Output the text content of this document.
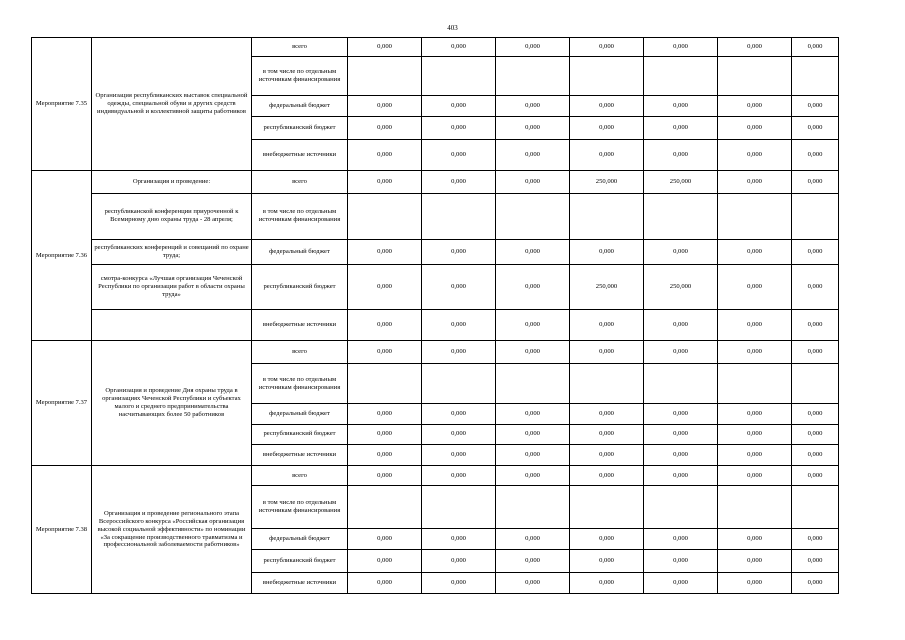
403
Мероприятие 7.35	Организация республиканских выставок специальной одежды, специальной обуви и других средств индивидуальной и коллективной защиты работников	всего	0,000	0,000	0,000	0,000	0,000	0,000	0,000
		в том числе по отдельным источникам финансирования							
		федеральный бюджет	0,000	0,000	0,000	0,000	0,000	0,000	0,000
		республиканский бюджет	0,000	0,000	0,000	0,000	0,000	0,000	0,000
		внебюджетные источники	0,000	0,000	0,000	0,000	0,000	0,000	0,000
Мероприятие 7.36	Организация и проведение:	всего	0,000	0,000	0,000	250,000	250,000	0,000	0,000
	республиканской конференции приуроченной к Всемирному дню охраны труда - 28 апреля;	в том числе по отдельным источникам финансирования							
	республиканских конференций и совещаний по охране труда;	федеральный бюджет	0,000	0,000	0,000	0,000	0,000	0,000	0,000
	смотра-конкурса «Лучшая организация Чеченской Республики по организации работ в области охраны труда»	республиканский бюджет	0,000	0,000	0,000	250,000	250,000	0,000	0,000
		внебюджетные источники	0,000	0,000	0,000	0,000	0,000	0,000	0,000
Мероприятие 7.37	Организация и проведение Дня охраны труда в организациях Чеченской Республики и субъектах малого и среднего предпринимательства насчитывающих более 50 работников	всего	0,000	0,000	0,000	0,000	0,000	0,000	0,000
		в том числе по отдельным источникам финансирования							
		федеральный бюджет	0,000	0,000	0,000	0,000	0,000	0,000	0,000
		республиканский бюджет	0,000	0,000	0,000	0,000	0,000	0,000	0,000
		внебюджетные источники	0,000	0,000	0,000	0,000	0,000	0,000	0,000
Мероприятие 7.38	Организация и проведение регионального этапа Всероссийского конкурса «Российская организация высокой социальной эффективности» по номинации «За сокращение производственного травматизма и профессиональной заболеваемости работников»	всего	0,000	0,000	0,000	0,000	0,000	0,000	0,000
		в том числе по отдельным источникам финансирования							
		федеральный бюджет	0,000	0,000	0,000	0,000	0,000	0,000	0,000
		республиканский бюджет	0,000	0,000	0,000	0,000	0,000	0,000	0,000
		внебюджетные источники	0,000	0,000	0,000	0,000	0,000	0,000	0,000
